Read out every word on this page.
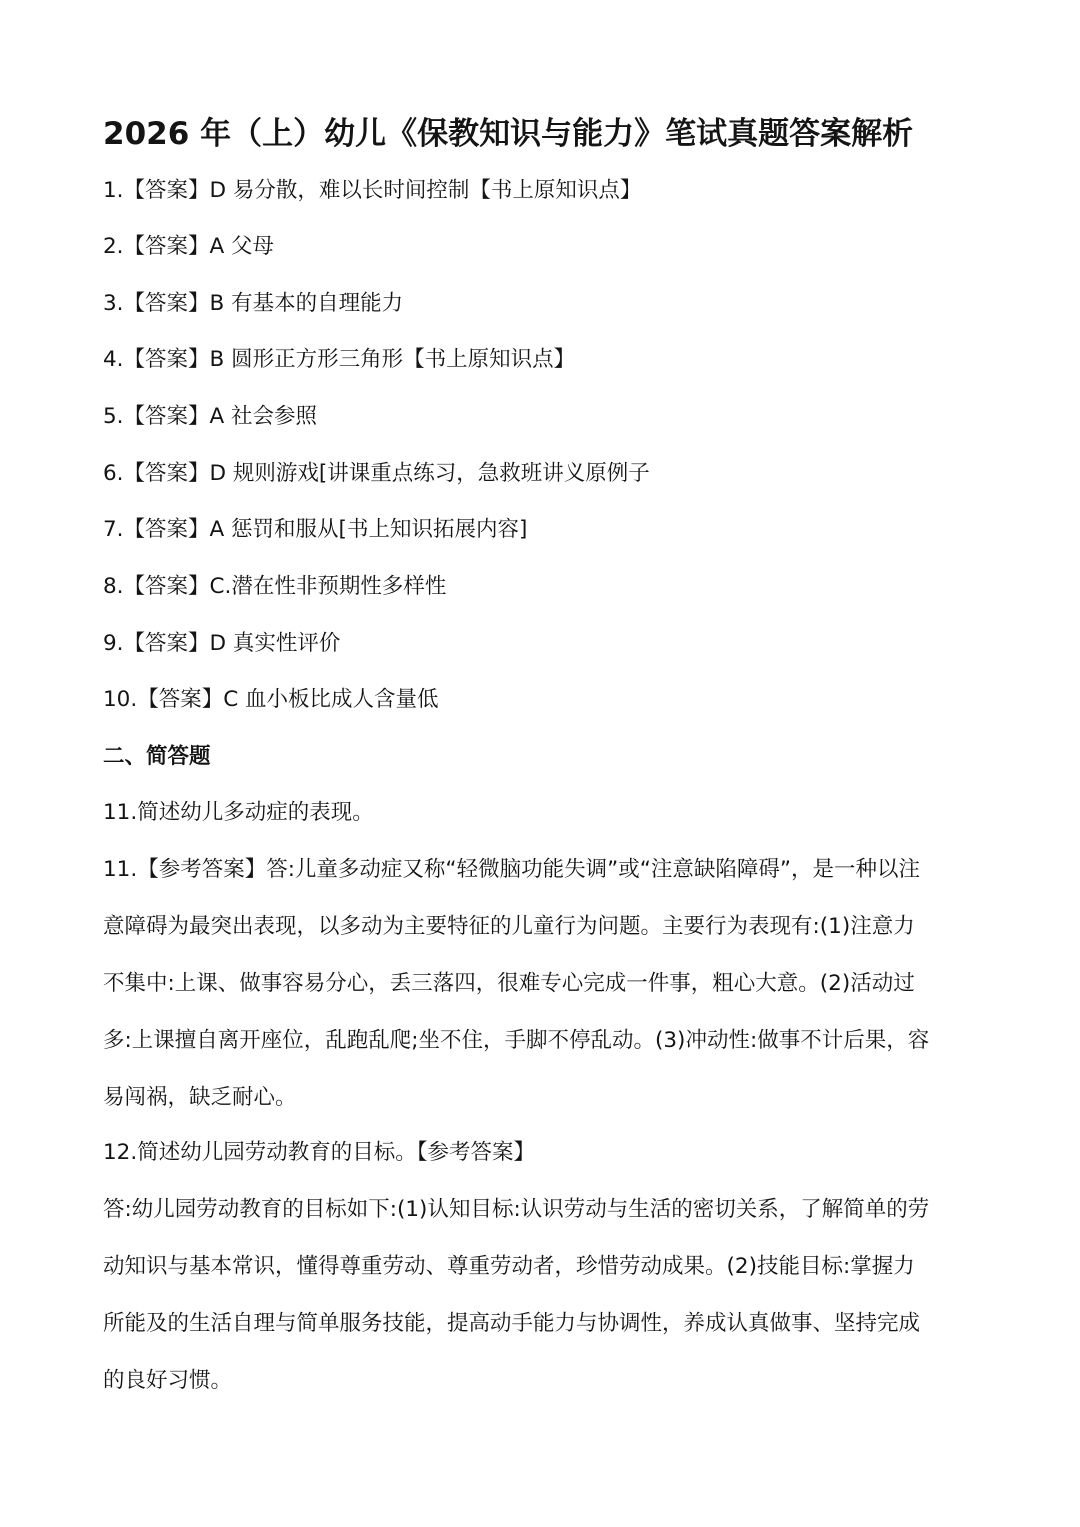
2026 年（上）幼儿《保教知识与能力》笔试真题答案解析
1.【答案】D 易分散，难以长时间控制【书上原知识点】
2.【答案】A 父母
3.【答案】B 有基本的自理能力
4.【答案】B 圆形正方形三角形【书上原知识点】
5.【答案】A 社会参照
6.【答案】D 规则游戏[讲课重点练习，急救班讲义原例子
7.【答案】A 惩罚和服从[书上知识拓展内容]
8.【答案】C.潜在性非预期性多样性
9.【答案】D 真实性评价
10.【答案】C 血小板比成人含量低
二、简答题
11.简述幼儿多动症的表现。
11.【参考答案】答:儿童多动症又称“轻微脑功能失调”或“注意缺陷障碍”，是一种以注
意障碍为最突出表现，以多动为主要特征的儿童行为问题。主要行为表现有:(1)注意力
不集中:上课、做事容易分心，丢三落四，很难专心完成一件事，粗心大意。(2)活动过
多:上课擅自离开座位，乱跑乱爬;坐不住，手脚不停乱动。(3)冲动性:做事不计后果，容
易闯祸，缺乏耐心。
12.简述幼儿园劳动教育的目标。【参考答案】
答:幼儿园劳动教育的目标如下:(1)认知目标:认识劳动与生活的密切关系，了解简单的劳
动知识与基本常识，懂得尊重劳动、尊重劳动者，珍惜劳动成果。(2)技能目标:掌握力
所能及的生活自理与简单服务技能，提高动手能力与协调性，养成认真做事、坚持完成
的良好习惯。
